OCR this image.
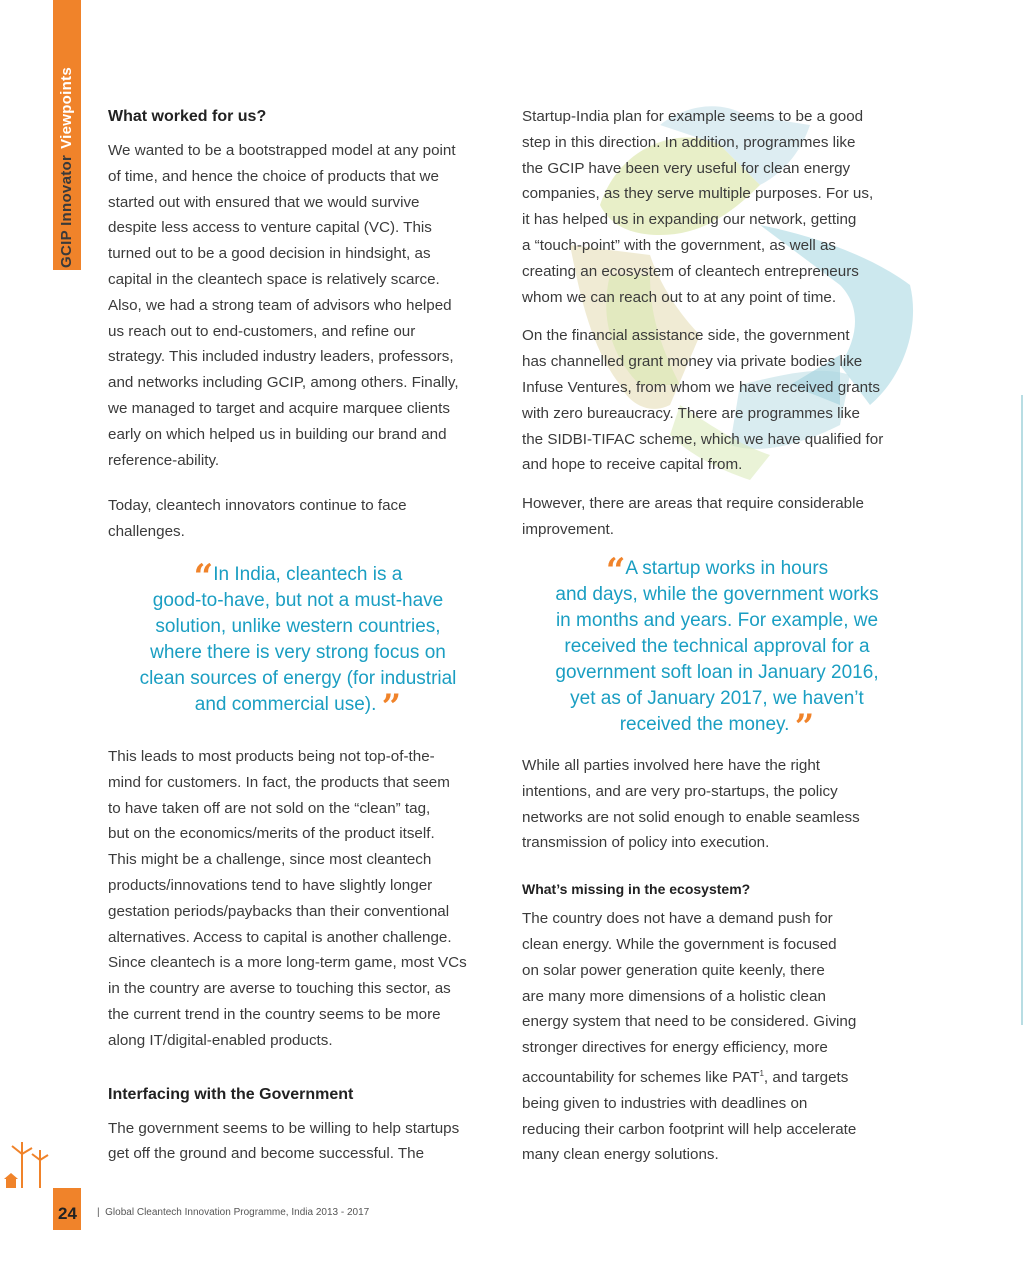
GCIP InnovatorViewpoints	What worked for us?

We wanted to be a bootstrapped model at any point
of time, and hence the choice of products that we
started out with ensured that we would survive
despite less access to venture capital (VC). This
turned out to be a good decision in hindsight, as
capital in the cleantech space is relatively scarce.
Also, we had a strong team of advisors who helped
us reach out to end-customers, and refine our
strategy. This included industry leaders, professors,
and networks including GCIP, among others. Finally,
we managed to target and acquire marquee clients
early on which helped us in building our brand and
reference-ability.

Today, cleantech innovators continue to face
challenges.

“In India, cleantech is a
good-to-have, but not a must-have
solution, unlike western countries,
where there is very strong focus on
clean sources of energy (for industrial
and commercial use). ”

This leads to most products being not top-of-the-
mind for customers. In fact, the products that seem
to have taken off are not sold on the “clean” tag,
but on the economics/merits of the product itself.
This might be a challenge, since most cleantech
products/innovations tend to have slightly longer
gestation periods/paybacks than their conventional
alternatives. Access to capital is another challenge.
Since cleantech is a more long-term game, most VCs
in the country are averse to touching this sector, as
the current trend in the country seems to be more
along IT/digital-enabled products.

Interfacing with the Government

The government seems to be willing to help startups
get off the ground and become successful. The

Startup-India plan for example seems to be a good
step in this direction. In addition, programmes like
the GCIP have been very useful for clean energy
companies, as they serve multiple purposes. For us,
it has helped us in expanding our network, getting
a “touch-point” with the government, as well as
creating an ecosystem of cleantech entrepreneurs
whom we can reach out to at any point of time.

On the financial assistance side, the government
has channelled grant money via private bodies like
Infuse Ventures, from whom we have received grants
with zero bureaucracy. There are programmes like
the SIDBI-TIFAC scheme, which we have qualified for
and hope to receive capital from.

However, there are areas that require considerable
improvement.

“A startup works in hours
and days, while the government works
in months and years. For example, we
received the technical approval for a
government soft loan in January 2016,
yet as of January 2017, we haven’t
received the money. ”

While all parties involved here have the right
intentions, and are very pro-startups, the policy
networks are not solid enough to enable seamless
transmission of policy into execution.

What’s missing in the ecosystem?

The country does not have a demand push for
clean energy. While the government is focused
on solar power generation quite keenly, there
are many more dimensions of a holistic clean
energy system that need to be considered. Giving
stronger directives for energy efficiency, more
accountability for schemes like PAT$^1$, and targets
being given to industries with deadlines on
reducing their carbon footprint will help accelerate
many clean energy solutions.

24 |  Global Cleantech Innovation Programme, India 2013 - 2017
